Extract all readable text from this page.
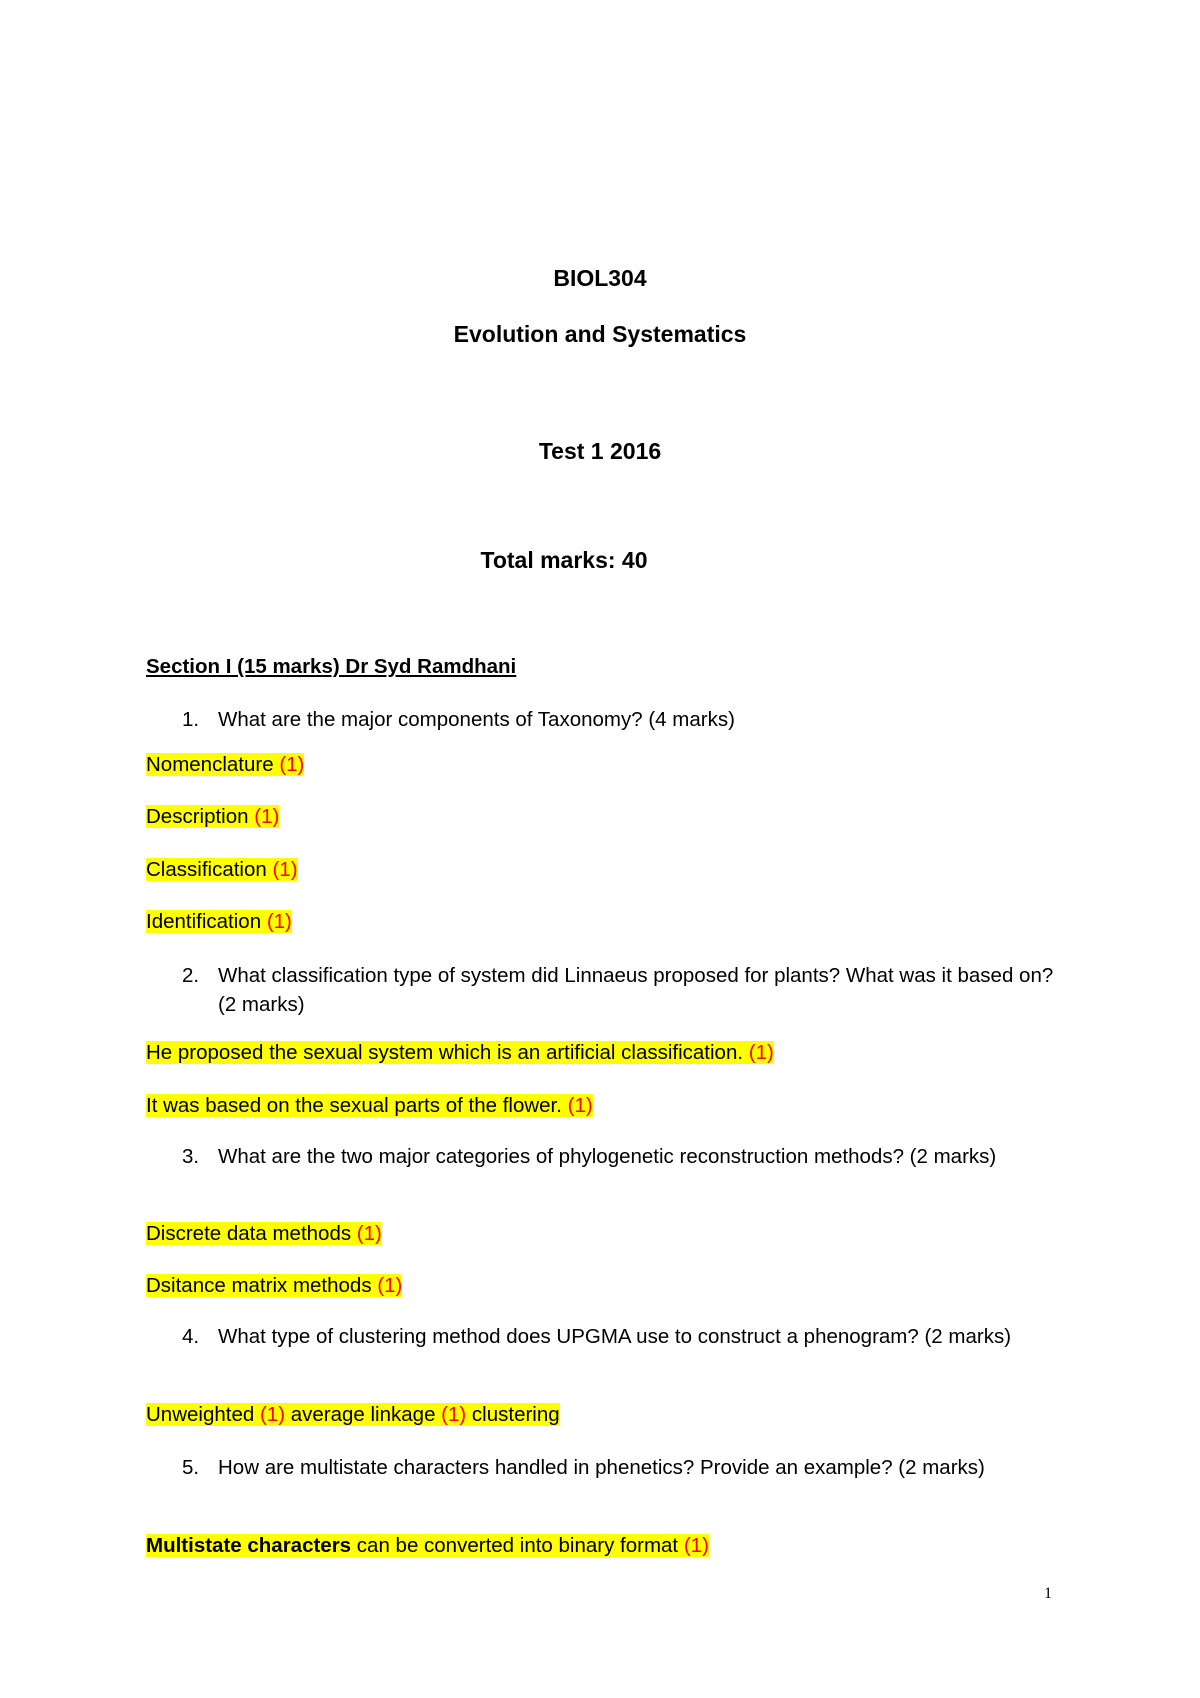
BIOL304
Evolution and Systematics
Test 1 2016
Total marks: 40
Section I (15 marks) Dr Syd Ramdhani
1. What are the major components of Taxonomy? (4 marks)
Nomenclature (1)
Description (1)
Classification (1)
Identification (1)
2. What classification type of system did Linnaeus proposed for plants? What was it based on? (2 marks)
He proposed the sexual system which is an artificial classification. (1)
It was based on the sexual parts of the flower. (1)
3. What are the two major categories of phylogenetic reconstruction methods? (2 marks)
Discrete data methods (1)
Dsitance matrix methods (1)
4. What type of clustering method does UPGMA use to construct a phenogram? (2 marks)
Unweighted (1) average linkage (1) clustering
5. How are multistate characters handled in phenetics? Provide an example? (2 marks)
Multistate characters can be converted into binary format (1)
1
